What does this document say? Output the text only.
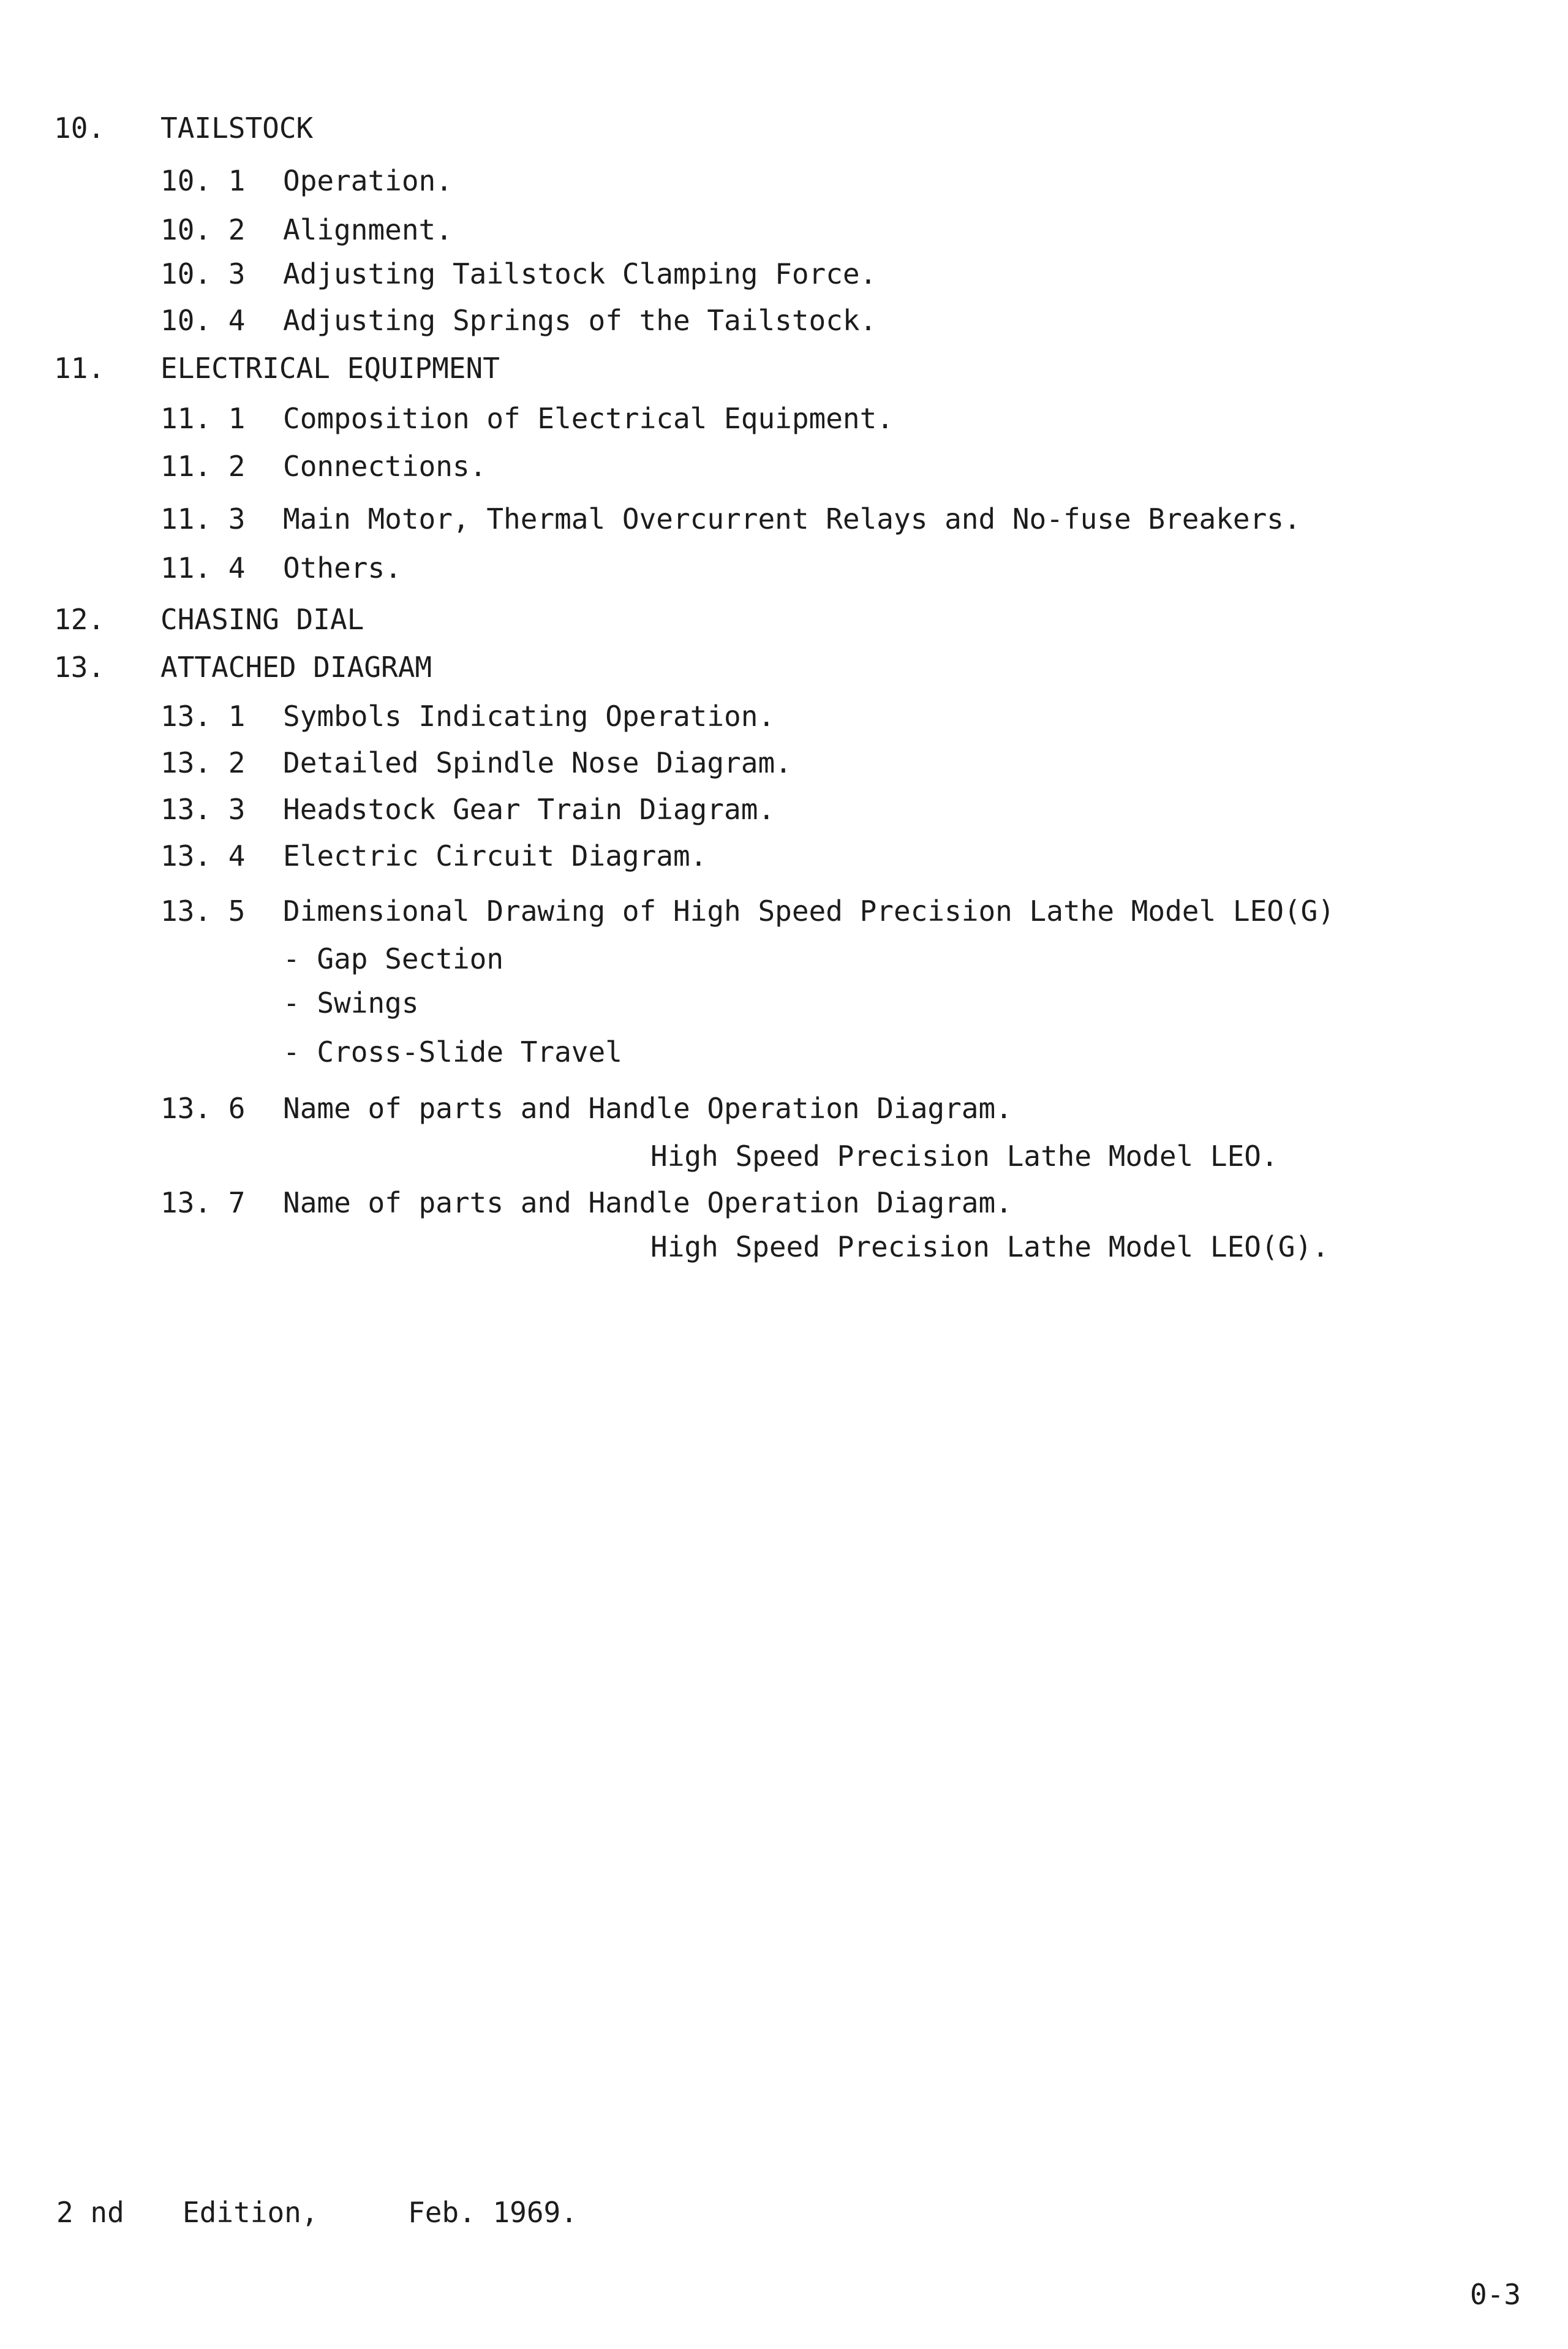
10. TAILSTOCK
10. 1 Operation.
10. 2 Alignment.
10. 3 Adjusting Tailstock Clamping Force.
10. 4 Adjusting Springs of the Tailstock.
11. ELECTRICAL EQUIPMENT
11. 1 Composition of Electrical Equipment.
11. 2 Connections.
11. 3 Main Motor, Thermal Overcurrent Relays and No-fuse Breakers.
11. 4 Others.
12. CHASING DIAL
13. ATTACHED DIAGRAM
13. 1 Symbols Indicating Operation.
13. 2 Detailed Spindle Nose Diagram.
13. 3 Headstock Gear Train Diagram.
13. 4 Electric Circuit Diagram.
13. 5 Dimensional Drawing of High Speed Precision Lathe Model LEO(G)
- Gap Section
- Swings
- Cross-Slide Travel
13. 6 Name of parts and Handle Operation Diagram.
High Speed Precision Lathe Model LEO.
13. 7 Name of parts and Handle Operation Diagram.
High Speed Precision Lathe Model LEO(G).
2 nd Edition,	Feb. 1969.
0-3
